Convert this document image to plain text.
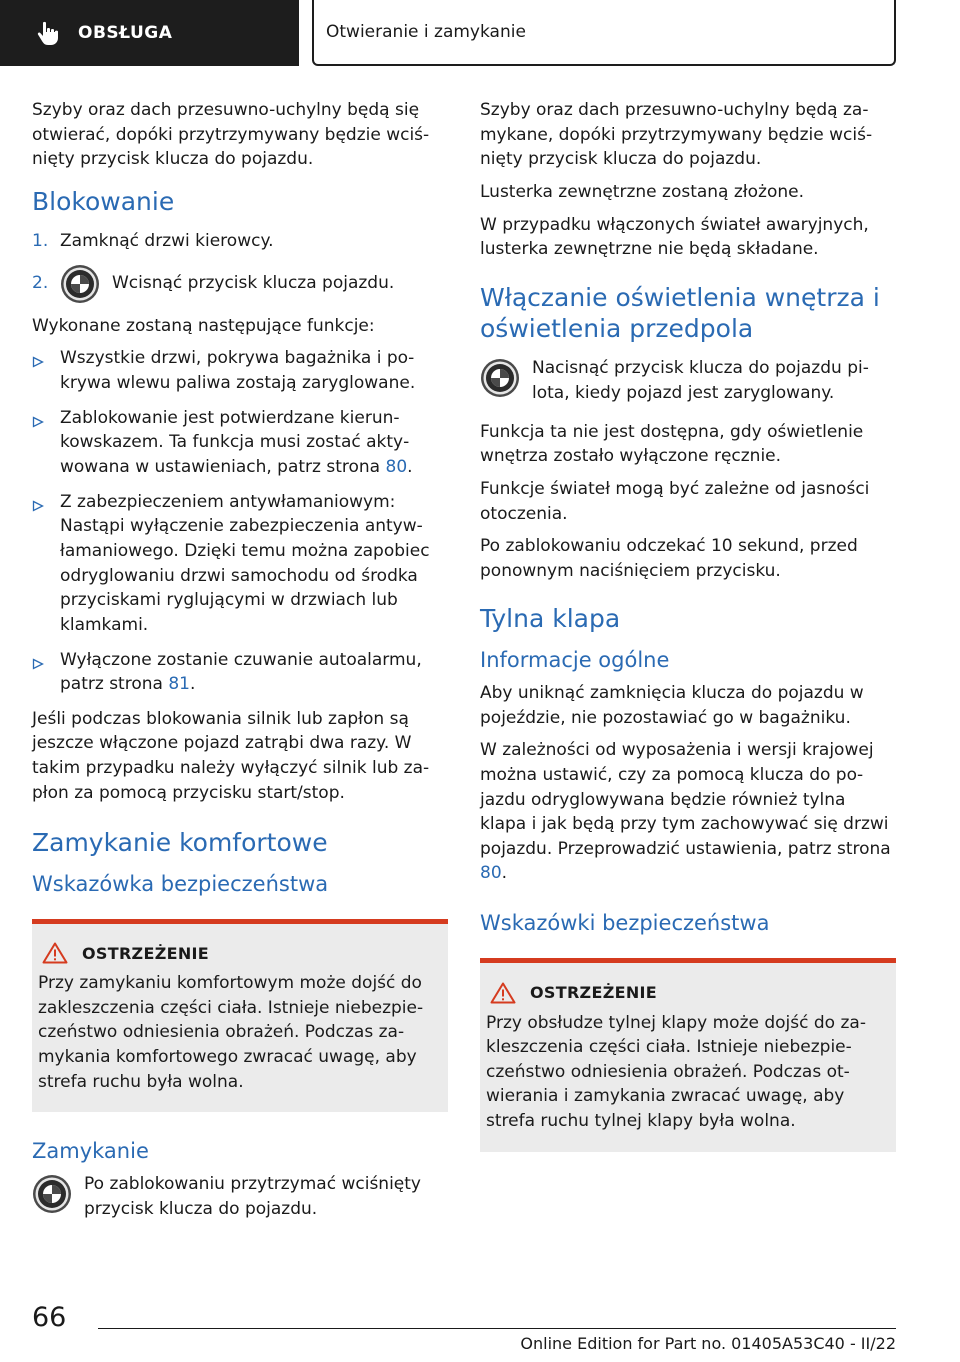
OBSŁUGA	Otwieranie i zamykanie

Szyby oraz dach przesuwno-uchylny będą się otwierać, dopóki przytrzymywany będzie wciśnięty przycisk klucza do pojazdu.

Blokowanie
1. Zamknąć drzwi kierowcy.
2.	Wcisnąć przycisk klucza pojazdu.

Wykonane zostaną następujące funkcje:

Wszystkie drzwi, pokrywa bagażnika i pokrywa wlewu paliwa zostają zaryglowane.
Zablokowanie jest potwierdzane kierunkowskazem. Ta funkcja musi zostać aktywowana w ustawieniach, patrz strona 80.
Z zabezpieczeniem antywłamaniowym: Nastąpi wyłączenie zabezpieczenia antywłamaniowego. Dzięki temu można zapobiec odryglowaniu drzwi samochodu od środka przyciskami ryglującymi w drzwiach lub klamkami.
Wyłączone zostanie czuwanie autoalarmu, patrz strona 81.

Jeśli podczas blokowania silnik lub zapłon są jeszcze włączone pojazd zatrąbi dwa razy. W takim przypadku należy wyłączyć silnik lub zapłon za pomocą przycisku start/stop.

Zamykanie komfortowe
Wskazówka bezpieczeństwa
OSTRZEŻENIE

Przy zamykaniu komfortowym może dojść do zakleszczenia części ciała. Istnieje niebezpieczeństwo odniesienia obrażeń. Podczas zamykania komfortowego zwracać uwagę, aby strefa ruchu była wolna.

Zamykanie
Po zablokowaniu przytrzymać wciśnięty przycisk klucza do pojazdu.

Szyby oraz dach przesuwno-uchylny będą zamykane, dopóki przytrzymywany będzie wciśnięty przycisk klucza do pojazdu.

Lusterka zewnętrzne zostaną złożone.

W przypadku włączonych świateł awaryjnych, lusterka zewnętrzne nie będą składane.

Włączanie oświetlenia wnętrza i oświetlenia przedpola
Nacisnąć przycisk klucza do pojazdu pilota, kiedy pojazd jest zaryglowany.

Funkcja ta nie jest dostępna, gdy oświetlenie wnętrza zostało wyłączone ręcznie.

Funkcje świateł mogą być zależne od jasności otoczenia.

Po zablokowaniu odczekać 10 sekund, przed ponownym naciśnięciem przycisku.

Tylna klapa
Informacje ogólne

Aby uniknąć zamknięcia klucza do pojazdu w pojeździe, nie pozostawiać go w bagażniku.

W zależności od wyposażenia i wersji krajowej można ustawić, czy za pomocą klucza do pojazdu odryglowywana będzie również tylna klapa i jak będą przy tym zachowywać się drzwi pojazdu. Przeprowadzić ustawienia, patrz strona 80.

Wskazówki bezpieczeństwa
OSTRZEŻENIE

Przy obsłudze tylnej klapy może dojść do zakleszczenia części ciała. Istnieje niebezpieczeństwo odniesienia obrażeń. Podczas otwierania i zamykania zwracać uwagę, aby strefa ruchu tylnej klapy była wolna.

66
Online Edition for Part no. 01405A53C40 - II/22
